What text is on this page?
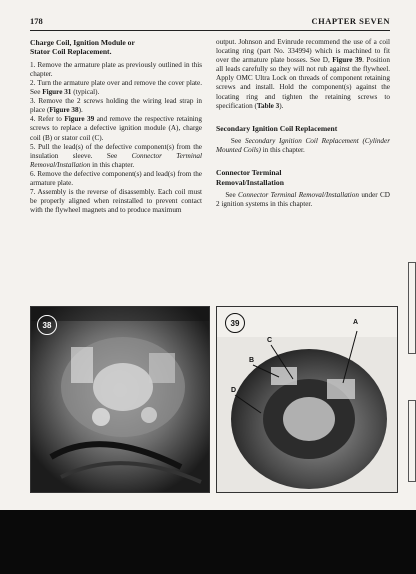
178	CHAPTER SEVEN
Charge Coil, Ignition Module or
Stator Coil Replacement.

1. Remove the armature plate as previously outlined in this chapter.

2. Turn the armature plate over and remove the cover plate. See Figure 31 (typical).

3. Remove the 2 screws holding the wiring lead strap in place (Figure 38).

4. Refer to Figure 39 and remove the respective retaining screws to replace a defective ignition module (A), charge coil (B) or stator coil (C).

5. Pull the lead(s) of the defective component(s) from the insulation sleeve. See Connector Terminal Removal/Installation in this chapter.

6. Remove the defective component(s) and lead(s) from the armature plate.

7. Assembly is the reverse of disassembly. Each coil must be properly aligned when reinstalled to prevent contact with the flywheel magnets and to produce maximum

output. Johnson and Evinrude recommend the use of a coil locating ring (part No. 334994) which is machined to fit over the armature plate bosses. See D, Figure 39. Position all leads carefully so they will not rub against the flywheel. Apply OMC Ultra Lock on threads of component retaining screws and install. Hold the component(s) against the locating ring and tighten the retaining screws to specification (Table 3).

Secondary Ignition Coil Replacement

See Secondary Ignition Coil Replacement (Cylinder Mounted Coils) in this chapter.

Connector Terminal
Removal/Installation

See Connector Terminal Removal/Installation under CD 2 ignition systems in this chapter.

38	39	A
B
C
D
